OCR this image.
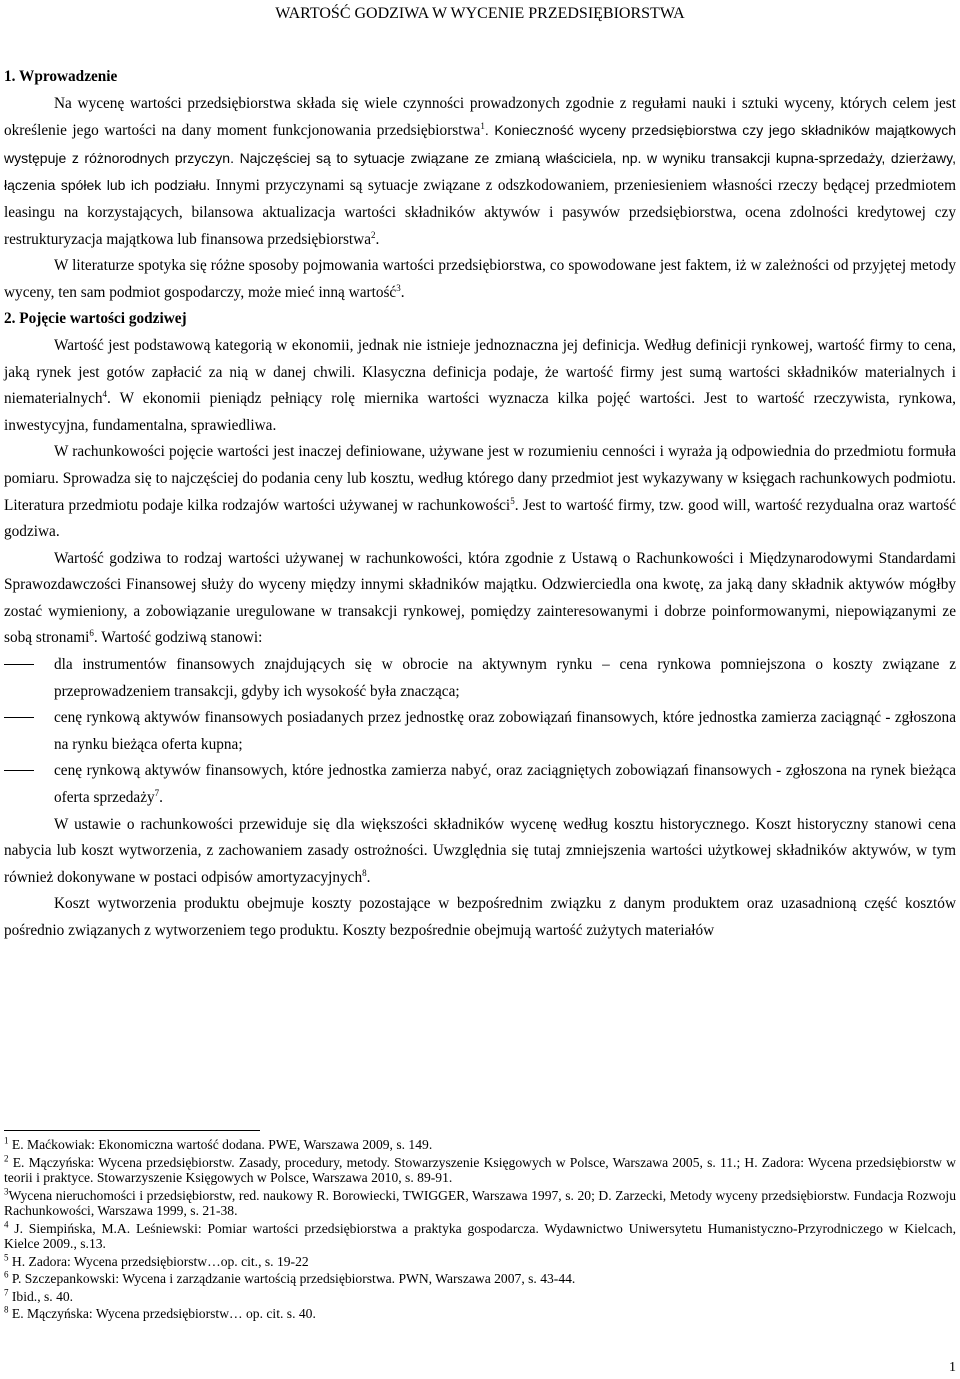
WARTOŚĆ GODZIWA W WYCENIE PRZEDSIĘBIORSTWA
1. Wprowadzenie

Na wycenę wartości przedsiębiorstwa składa się wiele czynności prowadzonych zgodnie z regułami nauki i sztuki wyceny, których celem jest określenie jego wartości na dany moment funkcjonowania przedsiębiorstwa$^1$. Konieczność wyceny przedsiębiorstwa czy jego składników majątkowych występuje z różnorodnych przyczyn. Najczęściej są to sytuacje związane ze zmianą właściciela, np. w wyniku transakcji kupna-sprzedaży, dzierżawy, łączenia spółek lub ich podziału. Innymi przyczynami są sytuacje związane z odszkodowaniem, przeniesieniem własności rzeczy będącej przedmiotem leasingu na korzystających, bilansowa aktualizacja wartości składników aktywów i pasywów przedsiębiorstwa, ocena zdolności kredytowej czy restrukturyzacja majątkowa lub finansowa przedsiębiorstwa$^2$.

W literaturze spotyka się różne sposoby pojmowania wartości przedsiębiorstwa, co spowodowane jest faktem, iż w zależności od przyjętej metody wyceny, ten sam podmiot gospodarczy, może mieć inną wartość$^3$.

2. Pojęcie wartości godziwej

Wartość jest podstawową kategorią w ekonomii, jednak nie istnieje jednoznaczna jej definicja. Według definicji rynkowej, wartość firmy to cena, jaką rynek jest gotów zapłacić za nią w danej chwili. Klasyczna definicja podaje, że wartość firmy jest sumą wartości składników materialnych i niematerialnych$^4$. W ekonomii pieniądz pełniący rolę miernika wartości wyznacza kilka pojęć wartości. Jest to wartość rzeczywista, rynkowa, inwestycyjna, fundamentalna, sprawiedliwa.

W rachunkowości pojęcie wartości jest inaczej definiowane, używane jest w rozumieniu cenności i wyraża ją odpowiednia do przedmiotu formuła pomiaru. Sprowadza się to najczęściej do podania ceny lub kosztu, według którego dany przedmiot jest wykazywany w księgach rachunkowych podmiotu. Literatura przedmiotu podaje kilka rodzajów wartości używanej w rachunkowości$^5$. Jest to wartość firmy, tzw. good will, wartość rezydualna oraz wartość godziwa.

Wartość godziwa to rodzaj wartości używanej w rachunkowości, która zgodnie z Ustawą o Rachunkowości i Międzynarodowymi Standardami Sprawozdawczości Finansowej służy do wyceny między innymi składników majątku. Odzwierciedla ona kwotę, za jaką dany składnik aktywów mógłby zostać wymieniony, a zobowiązanie uregulowane w transakcji rynkowej, pomiędzy zainteresowanymi i dobrze poinformowanymi, niepowiązanymi ze sobą stronami$^6$. Wartość godziwą stanowi:

dla instrumentów finansowych znajdujących się w obrocie na aktywnym rynku – cena rynkowa pomniejszona o koszty związane z przeprowadzeniem transakcji, gdyby ich wysokość była znacząca;
cenę rynkową aktywów finansowych posiadanych przez jednostkę oraz zobowiązań finansowych, które jednostka zamierza zaciągnąć - zgłoszona na rynku bieżąca oferta kupna;
cenę rynkową aktywów finansowych, które jednostka zamierza nabyć, oraz zaciągniętych zobowiązań finansowych - zgłoszona na rynek bieżąca oferta sprzedaży$^7$.

W ustawie o rachunkowości przewiduje się dla większości składników wycenę według kosztu historycznego. Koszt historyczny stanowi cena nabycia lub koszt wytworzenia, z zachowaniem zasady ostrożności. Uwzględnia się tutaj zmniejszenia wartości użytkowej składników aktywów, w tym również dokonywane w postaci odpisów amortyzacyjnych$^8$.

Koszt wytworzenia produktu obejmuje koszty pozostające w bezpośrednim związku z danym produktem oraz uzasadnioną część kosztów pośrednio związanych z wytworzeniem tego produktu. Koszty bezpośrednie obejmują wartość zużytych materiałów

$^1$ E. Maćkowiak: Ekonomiczna wartość dodana. PWE, Warszawa 2009, s. 149.
$^2$ E. Mączyńska: Wycena przedsiębiorstw. Zasady, procedury, metody. Stowarzyszenie Księgowych w Polsce, Warszawa 2005, s. 11.; H. Zadora: Wycena przedsiębiorstw w teorii i praktyce. Stowarzyszenie Księgowych w Polsce, Warszawa 2010, s. 89-91.
$^3$Wycena nieruchomości i przedsiębiorstw, red. naukowy R. Borowiecki, TWIGGER, Warszawa 1997, s. 20; D. Zarzecki, Metody wyceny przedsiębiorstw. Fundacja Rozwoju Rachunkowości, Warszawa 1999, s. 21-38.
$^4$ J. Siempińska, M.A. Leśniewski: Pomiar wartości przedsiębiorstwa a praktyka gospodarcza. Wydawnictwo Uniwersytetu Humanistyczno-Przyrodniczego w Kielcach, Kielce 2009., s.13.
$^5$ H. Zadora: Wycena przedsiębiorstw…op. cit., s. 19-22
$^6$ P. Szczepankowski: Wycena i zarządzanie wartością przedsiębiorstwa. PWN, Warszawa 2007, s. 43-44.
$^7$ Ibid., s. 40.
$^8$ E. Mączyńska: Wycena przedsiębiorstw… op. cit. s. 40.
1
